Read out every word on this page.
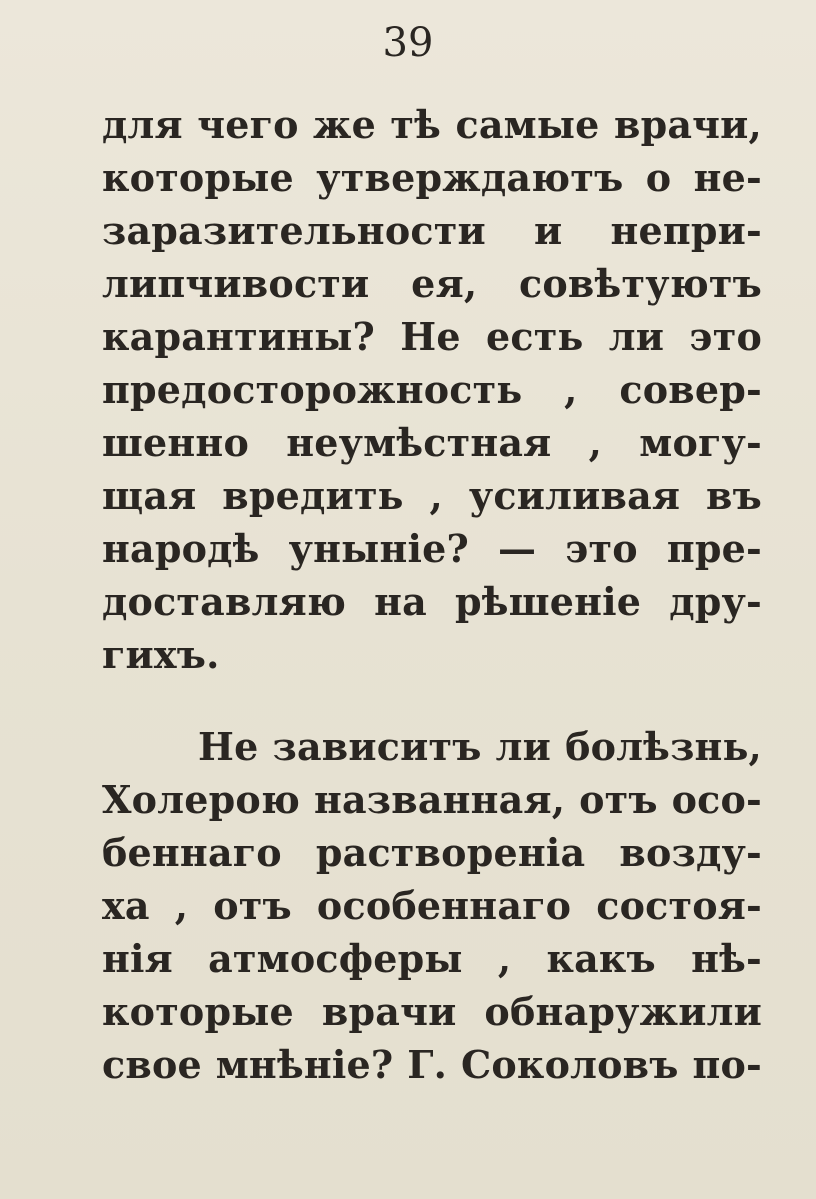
39
для чего же тѣ самые врачи,
которые утверждаютъ о не-
заразительности и непри-
липчивости ея, совѣтуютъ
карантины? Не есть ли это
предосторожность , совер-
шенно неумѣстная , могу-
щая вредить , усиливая въ
народѣ уныніе? — это пре-
доставляю на рѣшеніе дру-
гихъ.
Не зависитъ ли болѣзнь,
Холерою названная, отъ осо-
беннаго раствореніа возду-
ха , отъ особеннаго состоя-
нія атмосферы , какъ нѣ-
которые врачи обнаружили
свое мнѣніе? Г. Соколовъ по-
